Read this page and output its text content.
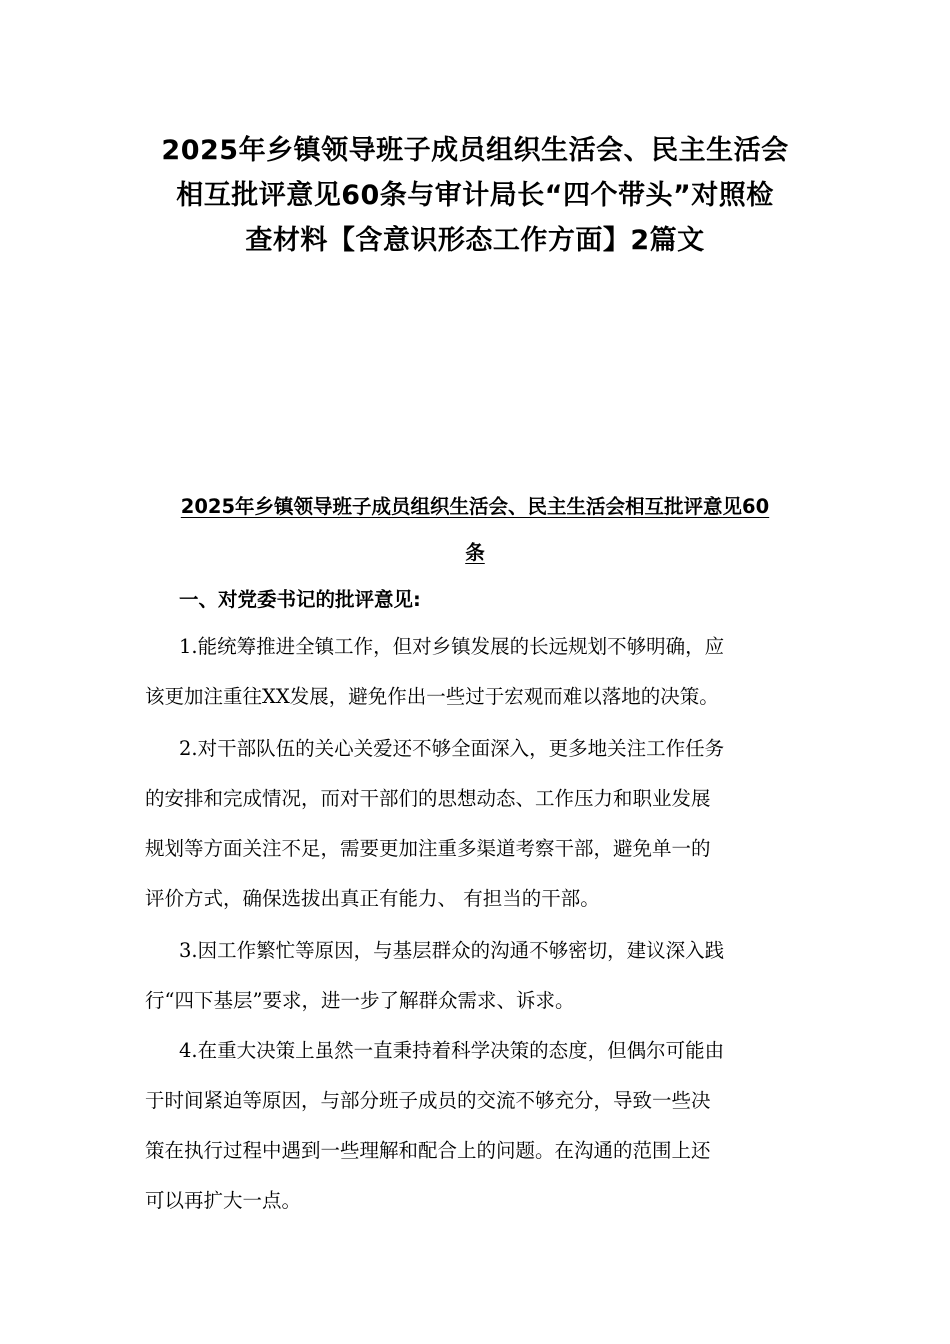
2025年乡镇领导班子成员组织生活会、民主生活会
相互批评意见60条与审计局长“四个带头”对照检
查材料【含意识形态工作方面】2篇文
2025年乡镇领导班子成员组织生活会、民主生活会相互批评意见60
条
一、对党委书记的批评意见:
1.能统筹推进全镇工作，但对乡镇发展的长远规划不够明确，应
该更加注重往XX发展，避免作出一些过于宏观而难以落地的决策。
2.对干部队伍的关心关爱还不够全面深入，更多地关注工作任务
的安排和完成情况，而对干部们的思想动态、工作压力和职业发展
规划等方面关注不足，需要更加注重多渠道考察干部，避免单一的
评价方式，确保选拔出真正有能力、 有担当的干部。
3.因工作繁忙等原因，与基层群众的沟通不够密切，建议深入践
行“四下基层”要求，进一步了解群众需求、诉求。
4.在重大决策上虽然一直秉持着科学决策的态度，但偶尔可能由
于时间紧迫等原因，与部分班子成员的交流不够充分，导致一些决
策在执行过程中遇到一些理解和配合上的问题。在沟通的范围上还
可以再扩大一点。
